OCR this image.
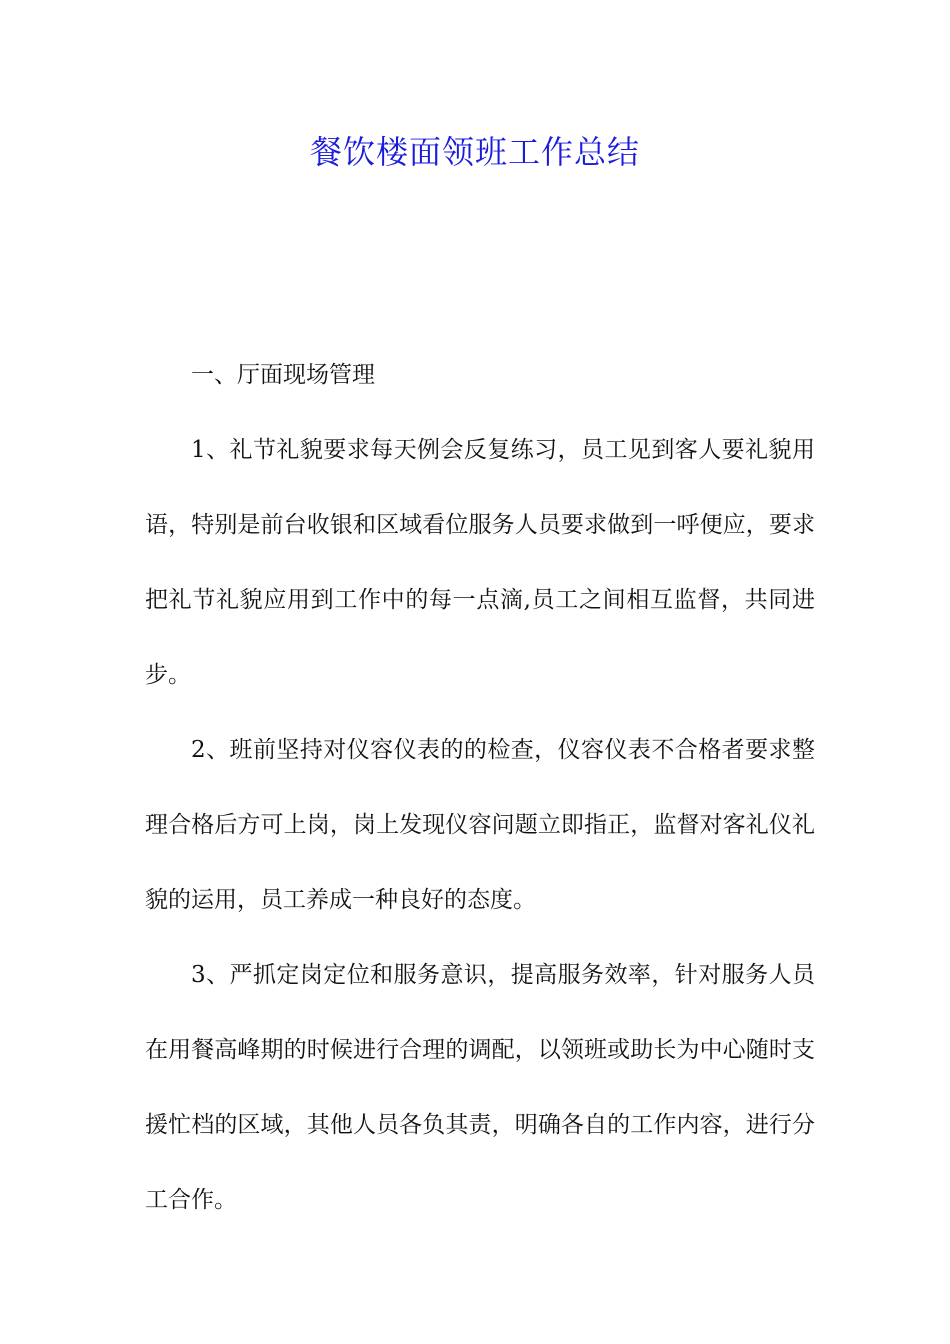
餐饮楼面领班工作总结

一、厅面现场管理

1、礼节礼貌要求每天例会反复练习，员工见到客人要礼貌用语，特别是前台收银和区域看位服务人员要求做到一呼便应，要求把礼节礼貌应用到工作中的每一点滴,员工之间相互监督，共同进步。

2、班前坚持对仪容仪表的的检查，仪容仪表不合格者要求整理合格后方可上岗，岗上发现仪容问题立即指正，监督对客礼仪礼貌的运用，员工养成一种良好的态度。

3、严抓定岗定位和服务意识，提高服务效率，针对服务人员在用餐高峰期的时候进行合理的调配，以领班或助长为中心随时支援忙档的区域，其他人员各负其责，明确各自的工作内容，进行分工合作。
